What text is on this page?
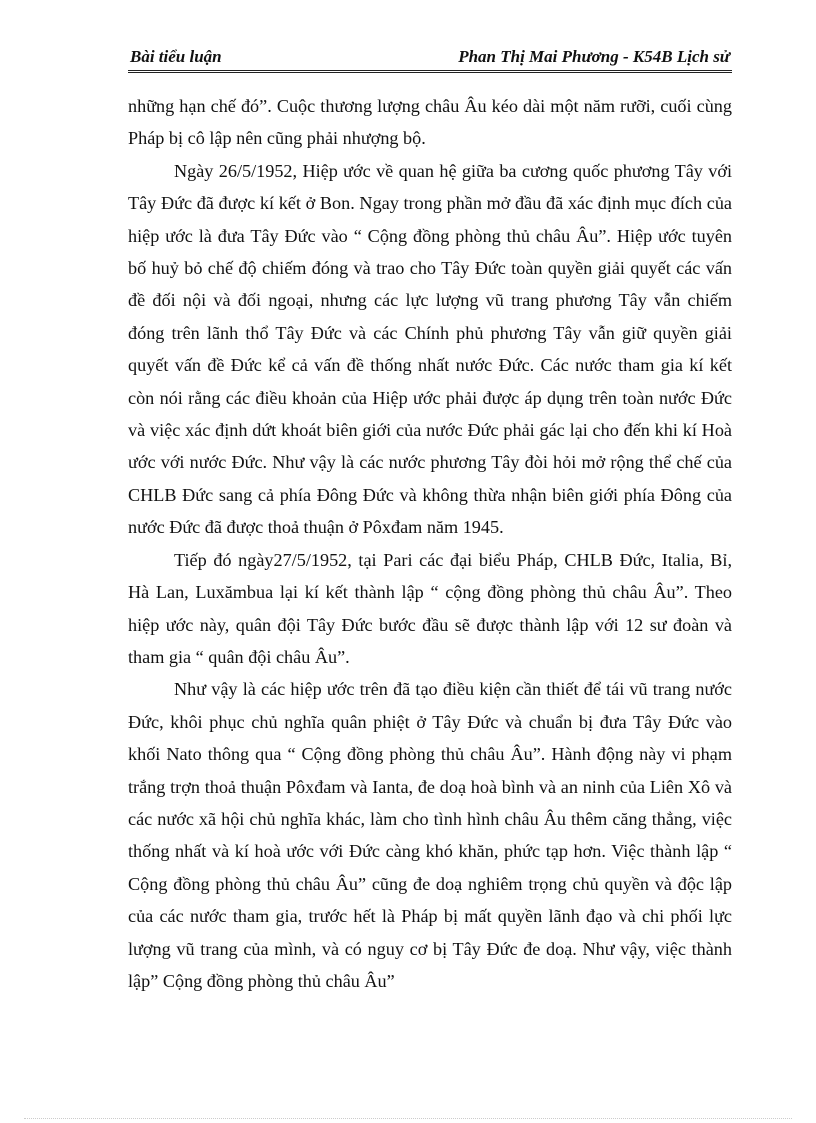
Bài tiểu luận	Phan Thị Mai Phương - K54B Lịch sử

những hạn chế đó”. Cuộc thương lượng châu Âu kéo dài một năm rưỡi, cuối cùng Pháp bị cô lập nên cũng phải nhượng bộ.

Ngày 26/5/1952, Hiệp ước về quan hệ giữa ba cương quốc phương Tây với Tây Đức đã được kí kết ở Bon. Ngay trong phần mở đầu đã xác định mục đích của hiệp ước là đưa Tây Đức vào “ Cộng đồng phòng thủ châu Âu”. Hiệp ước tuyên bố huỷ bỏ chế độ chiếm đóng và trao cho Tây Đức toàn quyền giải quyết các vấn đề đối nội và đối ngoại, nhưng các lực lượng vũ trang phương Tây vẫn chiếm đóng trên lãnh thổ Tây Đức và các Chính phủ phương Tây vẫn giữ quyền giải quyết vấn đề Đức kể cả vấn đề thống nhất nước Đức. Các nước tham gia kí kết còn nói rằng các điều khoản của Hiệp ước phải được áp dụng trên toàn nước Đức và việc xác định dứt khoát biên giới của nước Đức phải gác lại cho đến khi kí Hoà ước với nước Đức. Như vậy là các nước phương Tây đòi hỏi mở rộng thể chế của CHLB Đức sang cả phía Đông Đức và không thừa nhận biên giới phía Đông của nước Đức đã được thoả thuận ở Pôxđam năm 1945.

Tiếp đó ngày27/5/1952, tại Pari các đại biểu Pháp, CHLB Đức, Italia, Bỉ, Hà Lan, Luxămbua lại kí kết thành lập “ cộng đồng phòng thủ châu Âu”. Theo hiệp ước này, quân đội Tây Đức bước đầu sẽ được thành lập với 12 sư đoàn và tham gia “ quân đội châu Âu”.

Như vậy là các hiệp ước trên đã tạo điều kiện cần thiết để tái vũ trang nước Đức, khôi phục chủ nghĩa quân phiệt ở Tây Đức và chuẩn bị đưa Tây Đức vào khối Nato thông qua “ Cộng đồng phòng thủ châu Âu”. Hành động này vi phạm trắng trợn thoả thuận Pôxđam và Ianta, đe doạ hoà bình và an ninh của Liên Xô và các nước xã hội chủ nghĩa khác, làm cho tình hình châu Âu thêm căng thẳng, việc thống nhất và kí hoà ước với Đức càng khó khăn, phức tạp hơn. Việc thành lập “ Cộng đồng phòng thủ châu Âu” cũng đe doạ nghiêm trọng chủ quyền và độc lập của các nước tham gia, trước hết là Pháp bị mất quyền lãnh đạo và chi phối lực lượng vũ trang của mình, và có nguy cơ bị Tây Đức đe doạ. Như vậy, việc thành lập” Cộng đồng phòng thủ châu Âu”
